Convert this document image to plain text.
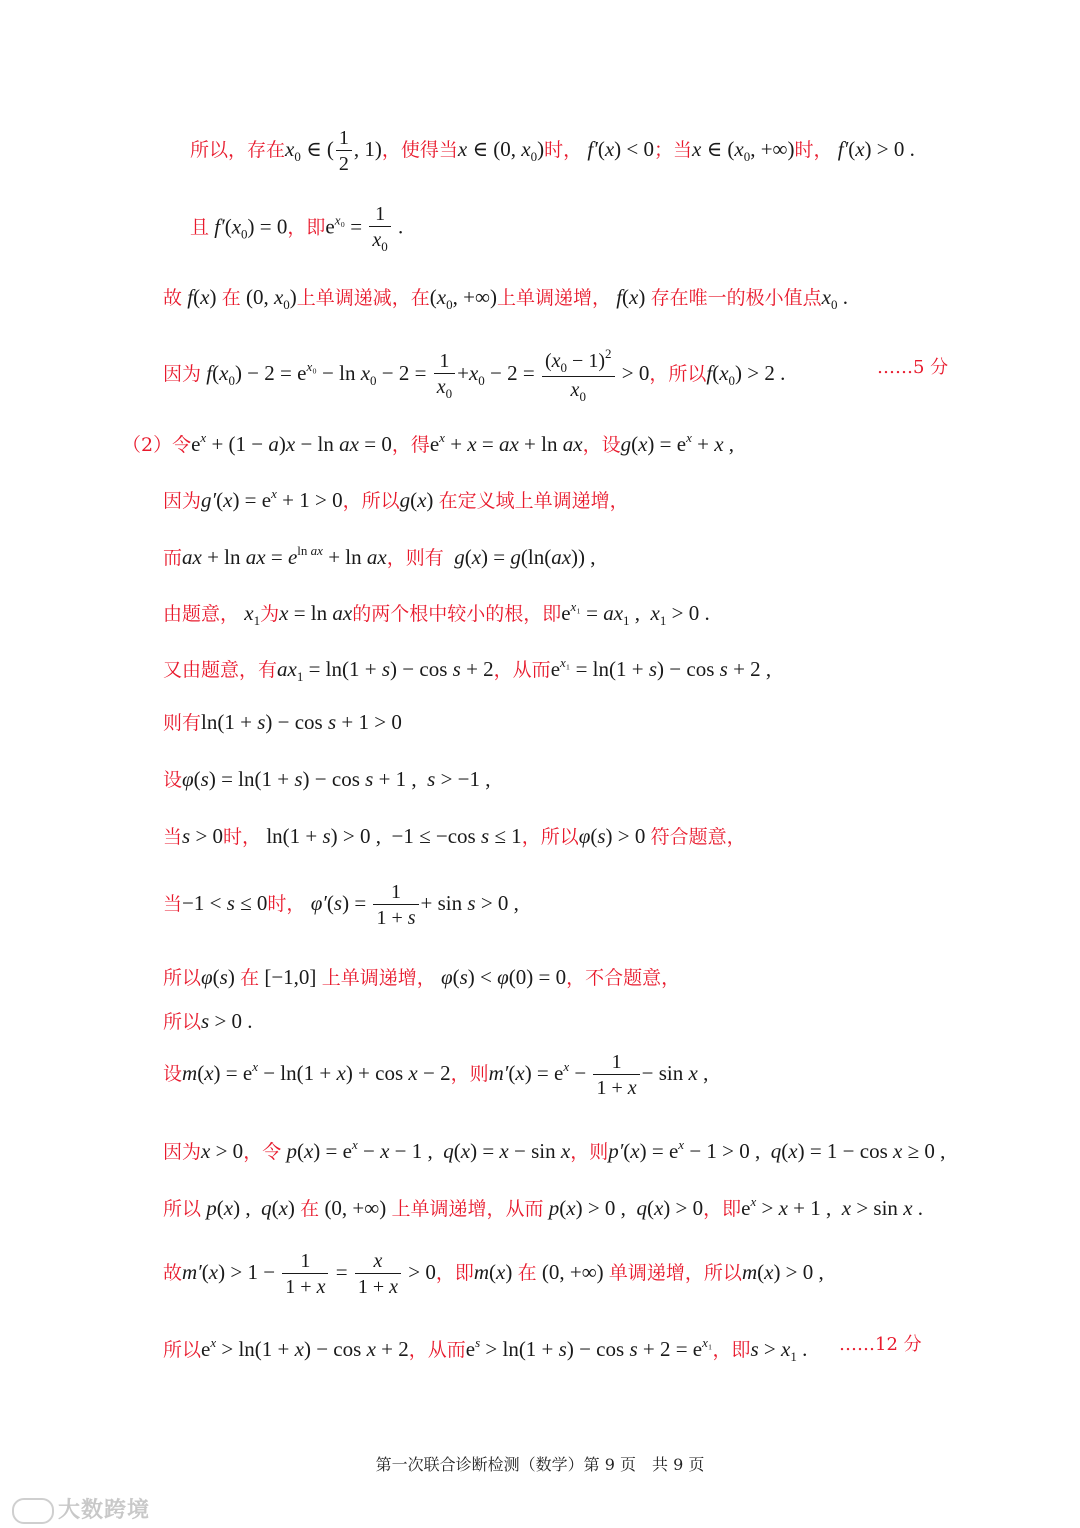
所以，存在$x_0$ ∈ ( $\frac{1}{2}$ , 1)，使得当x ∈ (0, $x_0$)时， f′(x) < 0；当x ∈ ($x_0$, +∞)时， f′(x) > 0 .
且 $f'(x_0) = 0$，即$e^{x_0} = \frac{1}{x_0}$ .
故 f(x) 在 (0, $x_0$)上单调递减，在($x_0$, +∞)上单调递增， f(x) 存在唯一的极小值点$x_0$ .
因为 $f(x_0) - 2 = e^{x_0} - \ln x_0 - 2 = \frac{1}{x_0} +x_0 - 2 = \frac{(x_0 - 1)^2}{x_0} > 0$，所以$f(x_0) > 2$ .	……5 分
（2）令$e^x + (1 - a)x - \ln$ ax = 0，得$e^x + x$ = ax + ln ax，设$g(x) = e^x + x$ ,
因为$g'(x) = e^x + 1 > 0$，所以g(x) 在定义域上单调递增，
而ax + ln ax = $e^{ln ax} + \ln$ ax，则有 g(x) = g(ln(ax)) ,
由题意， $x_1$为x = ln ax的两个根中较小的根，即$e^{x_1} = ax_1$ ,  $x_1 > 0$ .
又由题意，有$ax_1 = \ln(1 + s) - \cos s + 2$，从而$e^{x_1} = \ln(1 + s) - \cos s + 2$ ,
则有ln(1 + s) − cos s + 1 > 0
设φ(s) = ln(1 + s) − cos s + 1 ,  s > −1 ,
当s > 0时， ln(1 + s) > 0 ,  −1 ≤ −cos s ≤ 1，所以φ(s) > 0 符合题意，
当−1 < s ≤ 0时， $\varphi'(s) = \frac{1}{1 + s} + \sin s > 0$ ,
所以φ(s) 在 [−1,0] 上单调递增， φ(s) < φ(0) = 0，不合题意，
所以s > 0 .
设$m(x) = e^x - \ln(1 + x) + \cos x - 2$，则$m'(x) = e^x - \frac{1}{1 + x} - \sin x$ ,
因为x > 0，令 $p(x) = e^x - x - 1$ ,  q(x) = x − sin x，则$p'(x) = e^x - 1 > 0$ ,  q(x) = 1 − cos x ≥ 0 ,
所以 p(x) ,  q(x) 在 (0, +∞) 上单调递增，从而 p(x) > 0 ,  q(x) > 0，即$e^x > x + 1$ ,  x > sin x .
故$m'(x) > 1 - \frac{1}{1 + x} = \frac{x}{1 + x} > 0$，即m(x) 在 (0, +∞) 单调递增，所以m(x) > 0 ,
所以$e^x > \ln(1 + x) - \cos x + 2$，从而$e^s > \ln(1 + s) - \cos s + 2 = e^{x_1}$，即$s > x_1$ . ……12 分
第一次联合诊断检测（数学）第 9 页　共 9 页
大数跨境
